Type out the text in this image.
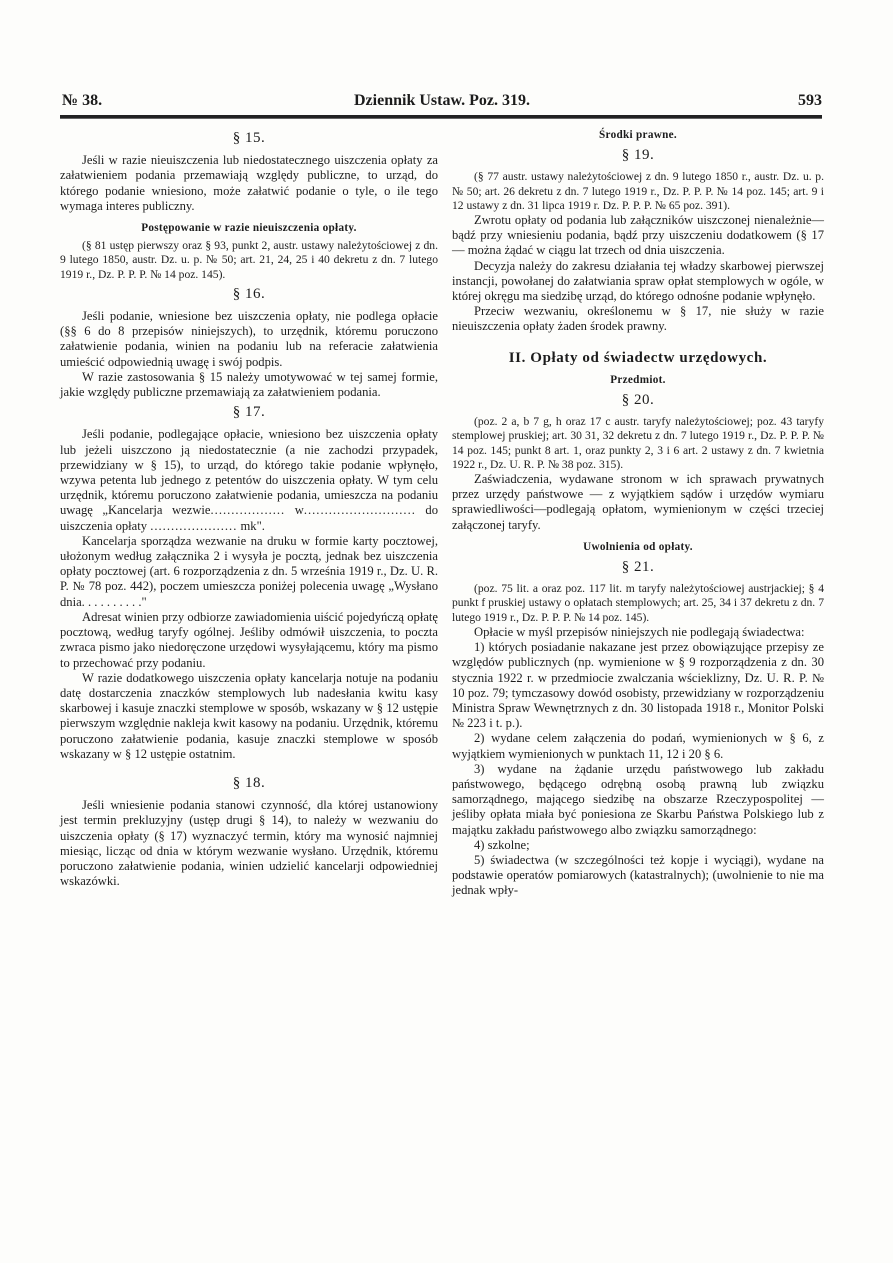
№ 38.	Dziennik Ustaw. Poz. 319.	593
§ 15.

Jeśli w razie nieuiszczenia lub niedostatecznego uiszczenia opłaty za załatwieniem podania przemawiają względy publiczne, to urząd, do którego podanie wniesiono, może załatwić podanie o tyle, o ile tego wymaga interes publiczny.

Postępowanie w razie nieuiszczenia opłaty.

(§ 81 ustęp pierwszy oraz § 93, punkt 2, austr. ustawy należytościowej z dn. 9 lutego 1850, austr. Dz. u. p. № 50; art. 21, 24, 25 i 40 dekretu z dn. 7 lutego 1919 r., Dz. P. P. P. № 14 poz. 145).

§ 16.

Jeśli podanie, wniesione bez uiszczenia opłaty, nie podlega opłacie (§§ 6 do 8 przepisów niniejszych), to urzędnik, któremu poruczono załatwienie podania, winien na podaniu lub na referacie załatwienia umieścić odpowiednią uwagę i swój podpis.

W razie zastosowania § 15 należy umotywować w tej samej formie, jakie względy publiczne przemawiają za załatwieniem podania.

§ 17.

Jeśli podanie, podlegające opłacie, wniesiono bez uiszczenia opłaty lub jeżeli uiszczono ją niedostatecznie (a nie zachodzi przypadek, przewidziany w § 15), to urząd, do którego takie podanie wpłynęło, wzywa petenta lub jednego z petentów do uiszczenia opłaty. W tym celu urzędnik, któremu poruczono załatwienie podania, umieszcza na podaniu uwagę „Kancelarja wezwie.................. w........................... do uiszczenia opłaty ..................... mk".

Kancelarja sporządza wezwanie na druku w formie karty pocztowej, ułożonym według załącznika 2 i wysyła je pocztą, jednak bez uiszczenia opłaty pocztowej (art. 6 rozporządzenia z dn. 5 września 1919 r., Dz. U. R. P. № 78 poz. 442), poczem umieszcza poniżej polecenia uwagę „Wysłano dnia. . . . . . . . . ."

Adresat winien przy odbiorze zawiadomienia uiścić pojedyńczą opłatę pocztową, według taryfy ogólnej. Jeśliby odmówił uiszczenia, to poczta zwraca pismo jako niedoręczone urzędowi wysyłającemu, który ma pismo to przechować przy podaniu.

W razie dodatkowego uiszczenia opłaty kancelarja notuje na podaniu datę dostarczenia znaczków stemplowych lub nadesłania kwitu kasy skarbowej i kasuje znaczki stemplowe w sposób, wskazany w § 12 ustępie pierwszym względnie nakleja kwit kasowy na podaniu. Urzędnik, któremu poruczono załatwienie podania, kasuje znaczki stemplowe w sposób wskazany w § 12 ustępie ostatnim.

§ 18.

Jeśli wniesienie podania stanowi czynność, dla której ustanowiony jest termin prekluzyjny (ustęp drugi § 14), to należy w wezwaniu do uiszczenia opłaty (§ 17) wyznaczyć termin, który ma wynosić najmniej miesiąc, licząc od dnia w którym wezwanie wysłano. Urzędnik, któremu poruczono załatwienie podania, winien udzielić kancelarji odpowiedniej wskazówki.

Środki prawne.
§ 19.

(§ 77 austr. ustawy należytościowej z dn. 9 lutego 1850 r., austr. Dz. u. p. № 50; art. 26 dekretu z dn. 7 lutego 1919 r., Dz. P. P. P. № 14 poz. 145; art. 9 i 12 ustawy z dn. 31 lipca 1919 r. Dz. P. P. P. № 65 poz. 391).

Zwrotu opłaty od podania lub załączników uiszczonej nienależnie— bądź przy wniesieniu podania, bądź przy uiszczeniu dodatkowem (§ 17 — można żądać w ciągu lat trzech od dnia uiszczenia.

Decyzja należy do zakresu działania tej władzy skarbowej pierwszej instancji, powołanej do załatwiania spraw opłat stemplowych w ogóle, w której okręgu ma siedzibę urząd, do którego odnośne podanie wpłynęło.

Przeciw wezwaniu, określonemu w § 17, nie służy w razie nieuiszczenia opłaty żaden środek prawny.

II. Opłaty od świadectw urzędowych.
Przedmiot.
§ 20.

(poz. 2 a, b 7 g, h oraz 17 c austr. taryfy należytościowej; poz. 43 taryfy stemplowej pruskiej; art. 30 31, 32 dekretu z dn. 7 lutego 1919 r., Dz. P. P. P. № 14 poz. 145; punkt 8 art. 1, oraz punkty 2, 3 i 6 art. 2 ustawy z dn. 7 kwietnia 1922 r., Dz. U. R. P. № 38 poz. 315).

Zaświadczenia, wydawane stronom w ich sprawach prywatnych przez urzędy państwowe — z wyjątkiem sądów i urzędów wymiaru sprawiedliwości—podlegają opłatom, wymienionym w części trzeciej załączonej taryfy.

Uwolnienia od opłaty.
§ 21.

(poz. 75 lit. a oraz poz. 117 lit. m taryfy należytościowej austrjackiej; § 4 punkt f pruskiej ustawy o opłatach stemplowych; art. 25, 34 i 37 dekretu z dn. 7 lutego 1919 r., Dz. P. P. P. № 14 poz. 145).

Opłacie w myśl przepisów niniejszych nie podlegają świadectwa:

1) których posiadanie nakazane jest przez obowiązujące przepisy ze względów publicznych (np. wymienione w § 9 rozporządzenia z dn. 30 stycznia 1922 r. w przedmiocie zwalczania wścieklizny, Dz. U. R. P. № 10 poz. 79; tymczasowy dowód osobisty, przewidziany w rozporządzeniu Ministra Spraw Wewnętrznych z dn. 30 listopada 1918 r., Monitor Polski № 223 i t. p.).

2) wydane celem załączenia do podań, wymienionych w § 6, z wyjątkiem wymienionych w punktach 11, 12 i 20 § 6.

3) wydane na żądanie urzędu państwowego lub zakładu państwowego, będącego odrębną osobą prawną lub związku samorządnego, mającego siedzibę na obszarze Rzeczypospolitej — jeśliby opłata miała być poniesiona ze Skarbu Państwa Polskiego lub z majątku zakładu państwowego albo związku samorządnego:

4) szkolne;

5) świadectwa (w szczególności też kopje i wyciągi), wydane na podstawie operatów pomiarowych (katastralnych); (uwolnienie to nie ma jednak wpły-
